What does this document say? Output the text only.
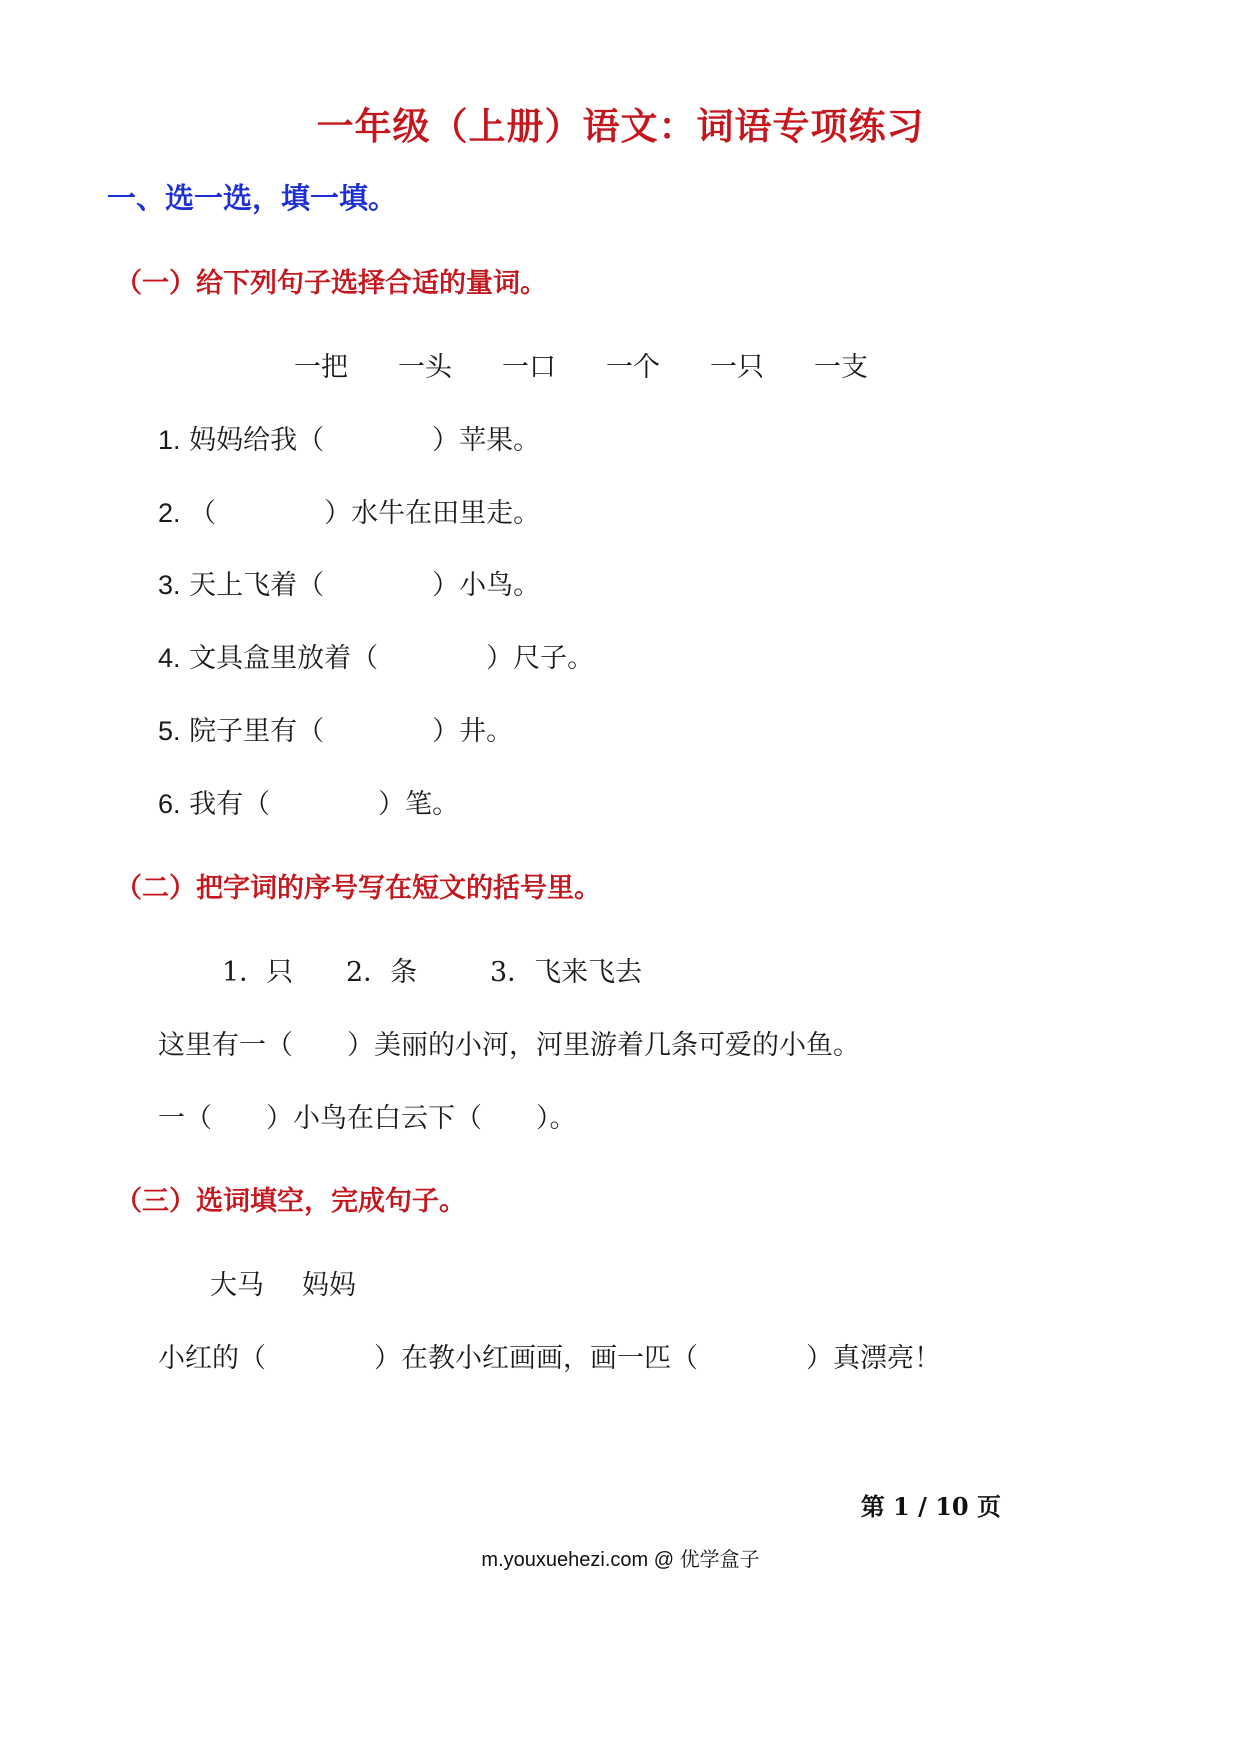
一年级（上册）语文：词语专项练习
一、选一选，填一填。
（一）给下列句子选择合适的量词。
一把 一头 一口 一个 一只 一支
1. 妈妈给我（　　　　）苹果。
2. （　　　　）水牛在田里走。
3. 天上飞着（　　　　）小鸟。
4. 文具盒里放着（　　　　）尺子。
5. 院子里有（　　　　）井。
6. 我有（　　　　）笔。
（二）把字词的序号写在短文的括号里。
1．只 2．条	3．飞来飞去
这里有一（　　）美丽的小河，河里游着几条可爱的小鱼。
一（　　）小鸟在白云下（　　）。
（三）选词填空，完成句子。
大马 妈妈
小红的（　　　　）在教小红画画，画一匹（　　　　）真漂亮！
第 1 / 10 页
m.youxuehezi.com @ 优学盒子
